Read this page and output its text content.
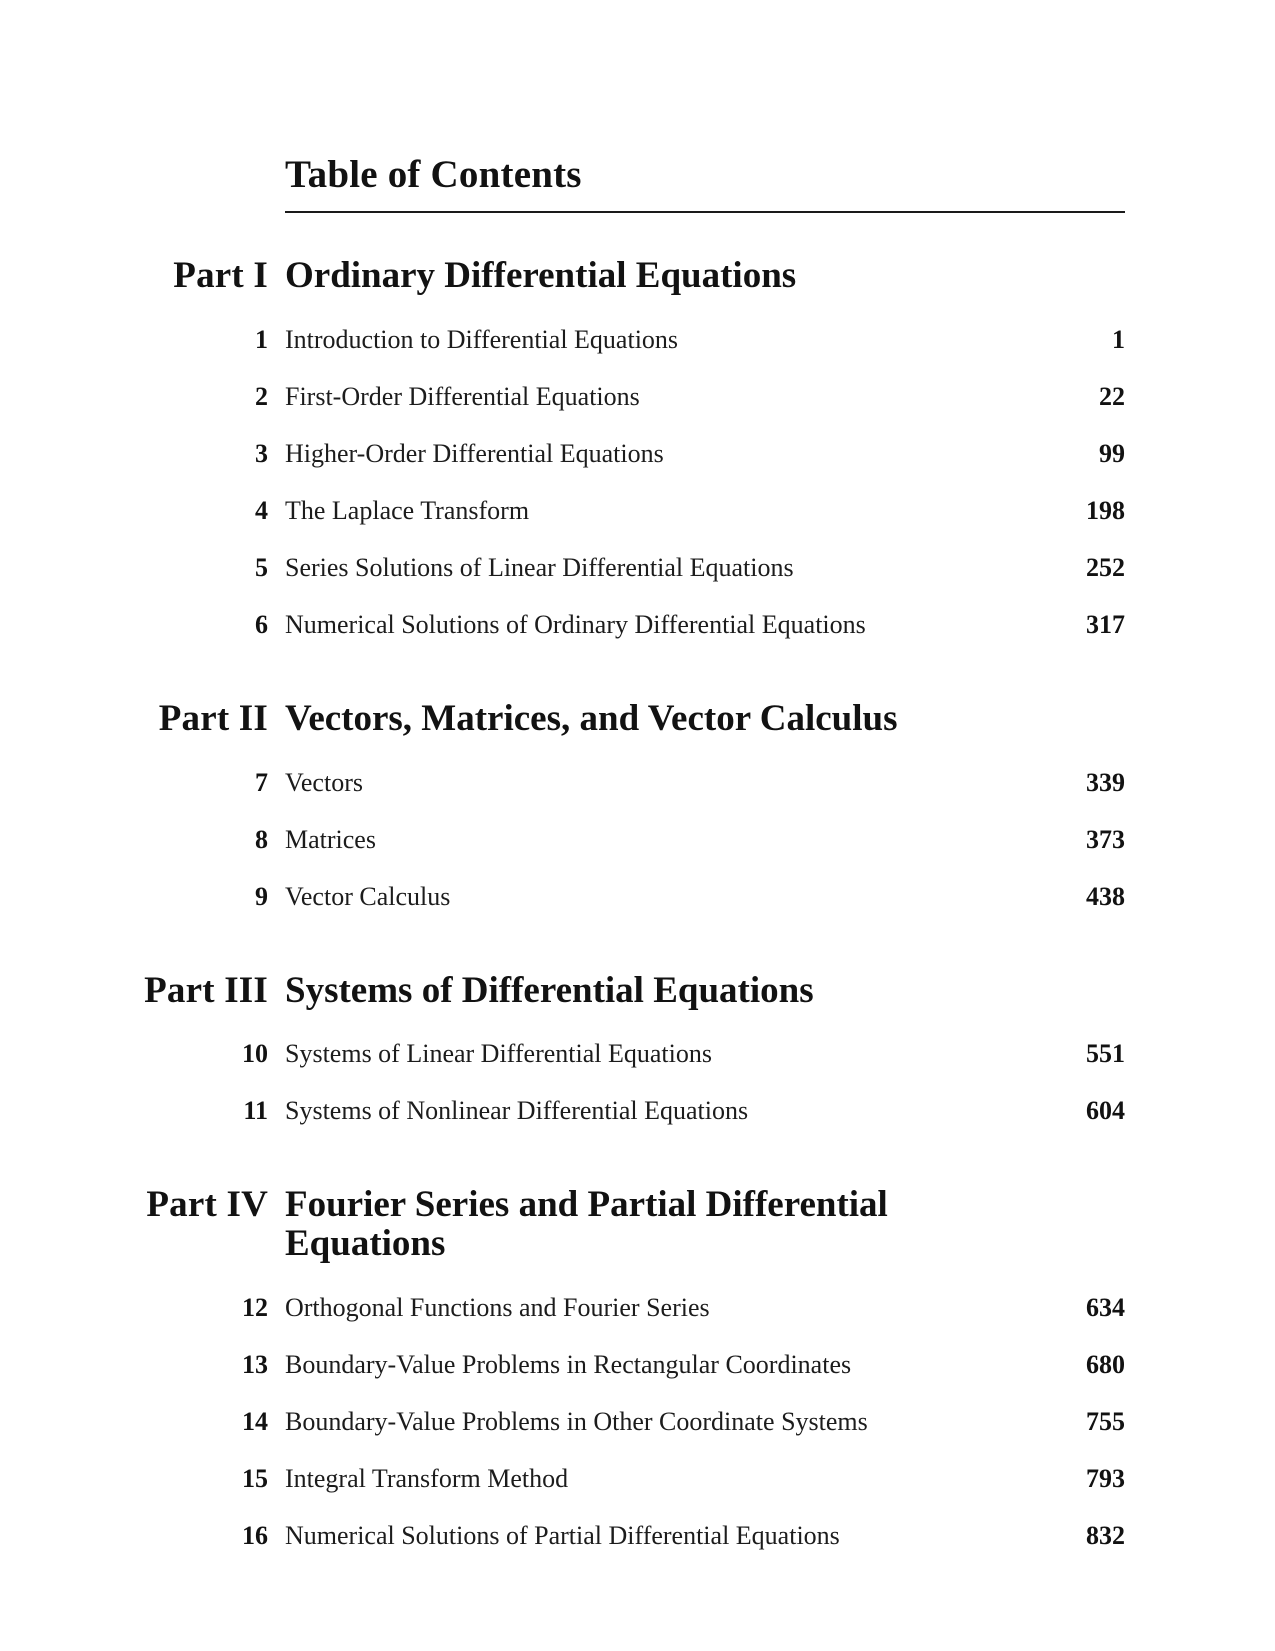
Table of Contents
Part I Ordinary Differential Equations
1 Introduction to Differential Equations	1
2 First-Order Differential Equations	22
3 Higher-Order Differential Equations	99
4 The Laplace Transform	198
5 Series Solutions of Linear Differential Equations	252
6 Numerical Solutions of Ordinary Differential Equations	317
Part II Vectors, Matrices, and Vector Calculus
7 Vectors	339
8 Matrices	373
9 Vector Calculus	438
Part III Systems of Differential Equations
10 Systems of Linear Differential Equations	551
11 Systems of Nonlinear Differential Equations	604
Part IV Fourier Series and Partial Differential Equations
12 Orthogonal Functions and Fourier Series	634
13 Boundary-Value Problems in Rectangular Coordinates	680
14 Boundary-Value Problems in Other Coordinate Systems	755
15 Integral Transform Method	793
16 Numerical Solutions of Partial Differential Equations	832
